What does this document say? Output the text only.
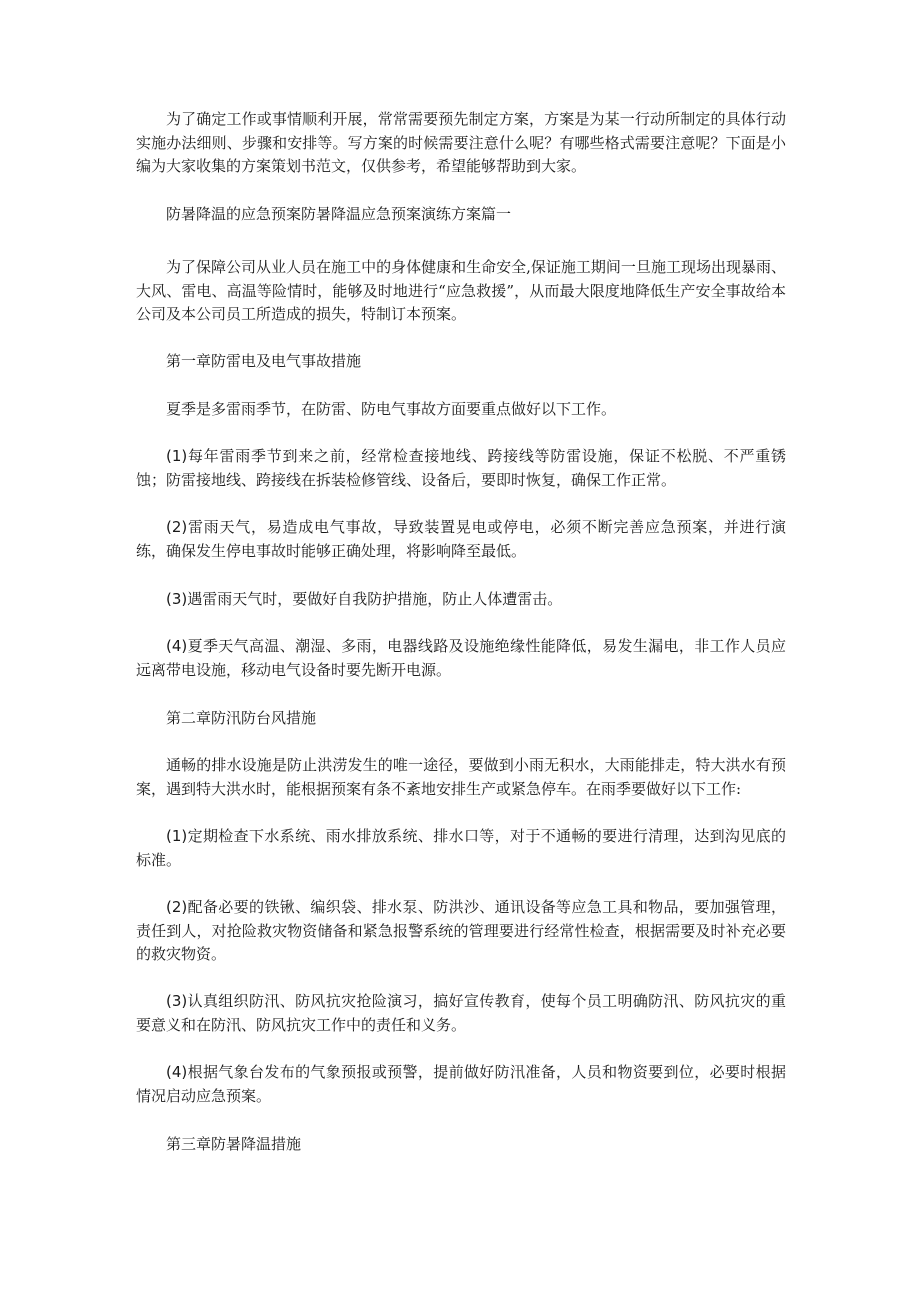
为了确定工作或事情顺利开展，常常需要预先制定方案，方案是为某一行动所制定的具体行动实施办法细则、步骤和安排等。写方案的时候需要注意什么呢？有哪些格式需要注意呢？下面是小编为大家收集的方案策划书范文，仅供参考，希望能够帮助到大家。

防暑降温的应急预案防暑降温应急预案演练方案篇一

为了保障公司从业人员在施工中的身体健康和生命安全,保证施工期间一旦施工现场出现暴雨、大风、雷电、高温等险情时，能够及时地进行“应急救援”，从而最大限度地降低生产安全事故给本公司及本公司员工所造成的损失，特制订本预案。

第一章防雷电及电气事故措施

夏季是多雷雨季节，在防雷、防电气事故方面要重点做好以下工作。

(1)每年雷雨季节到来之前，经常检查接地线、跨接线等防雷设施，保证不松脱、不严重锈蚀；防雷接地线、跨接线在拆装检修管线、设备后，要即时恢复，确保工作正常。

(2)雷雨天气，易造成电气事故，导致装置晃电或停电，必须不断完善应急预案，并进行演练，确保发生停电事故时能够正确处理，将影响降至最低。

(3)遇雷雨天气时，要做好自我防护措施，防止人体遭雷击。

(4)夏季天气高温、潮湿、多雨，电器线路及设施绝缘性能降低，易发生漏电，非工作人员应远离带电设施，移动电气设备时要先断开电源。

第二章防汛防台风措施

通畅的排水设施是防止洪涝发生的唯一途径，要做到小雨无积水，大雨能排走，特大洪水有预案，遇到特大洪水时，能根据预案有条不紊地安排生产或紧急停车。在雨季要做好以下工作:

(1)定期检查下水系统、雨水排放系统、排水口等，对于不通畅的要进行清理，达到沟见底的标准。

(2)配备必要的铁锹、编织袋、排水泵、防洪沙、通讯设备等应急工具和物品，要加强管理，责任到人，对抢险救灾物资储备和紧急报警系统的管理要进行经常性检查，根据需要及时补充必要的救灾物资。

(3)认真组织防汛、防风抗灾抢险演习，搞好宣传教育，使每个员工明确防汛、防风抗灾的重要意义和在防汛、防风抗灾工作中的责任和义务。

(4)根据气象台发布的气象预报或预警，提前做好防汛准备，人员和物资要到位，必要时根据情况启动应急预案。

第三章防暑降温措施
